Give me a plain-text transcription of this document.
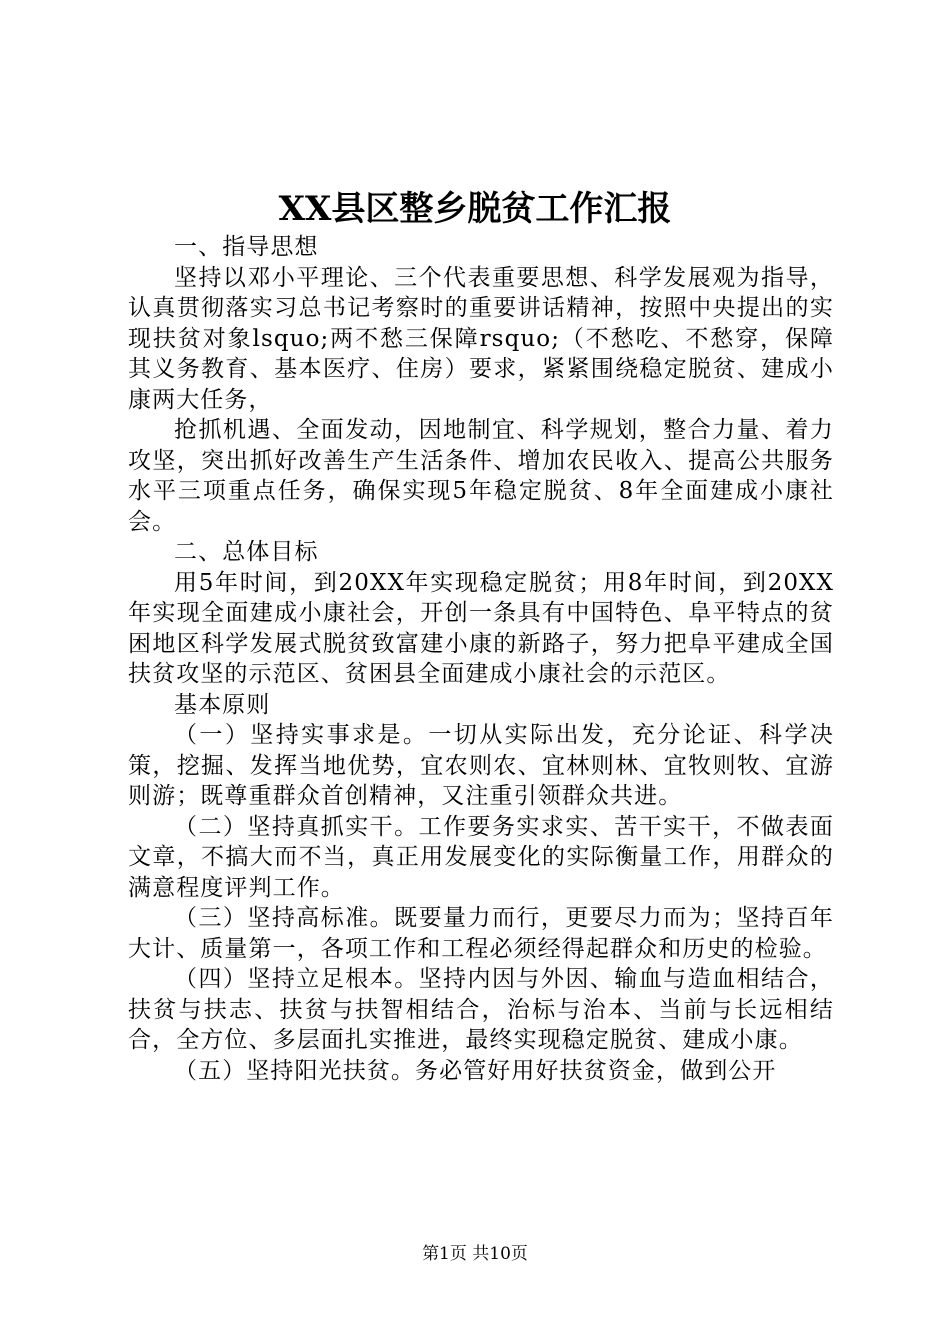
XX县区整乡脱贫工作汇报

一、指导思想

坚持以邓小平理论、三个代表重要思想、科学发展观为指导，认真贯彻落实习总书记考察时的重要讲话精神，按照中央提出的实现扶贫对象lsquo;两不愁三保障rsquo;（不愁吃、不愁穿，保障其义务教育、基本医疗、住房）要求，紧紧围绕稳定脱贫、建成小康两大任务，

抢抓机遇、全面发动，因地制宜、科学规划，整合力量、着力攻坚，突出抓好改善生产生活条件、增加农民收入、提高公共服务水平三项重点任务，确保实现5年稳定脱贫、8年全面建成小康社会。

二、总体目标

用5年时间，到20XX年实现稳定脱贫；用8年时间，到20XX年实现全面建成小康社会，开创一条具有中国特色、阜平特点的贫困地区科学发展式脱贫致富建小康的新路子，努力把阜平建成全国扶贫攻坚的示范区、贫困县全面建成小康社会的示范区。

基本原则

（一）坚持实事求是。一切从实际出发，充分论证、科学决策，挖掘、发挥当地优势，宜农则农、宜林则林、宜牧则牧、宜游则游；既尊重群众首创精神，又注重引领群众共进。

（二）坚持真抓实干。工作要务实求实、苦干实干，不做表面文章，不搞大而不当，真正用发展变化的实际衡量工作，用群众的满意程度评判工作。

（三）坚持高标准。既要量力而行，更要尽力而为；坚持百年大计、质量第一，各项工作和工程必须经得起群众和历史的检验。

（四）坚持立足根本。坚持内因与外因、输血与造血相结合，扶贫与扶志、扶贫与扶智相结合，治标与治本、当前与长远相结合，全方位、多层面扎实推进，最终实现稳定脱贫、建成小康。

（五）坚持阳光扶贫。务必管好用好扶贫资金，做到公开

第1页 共10页
